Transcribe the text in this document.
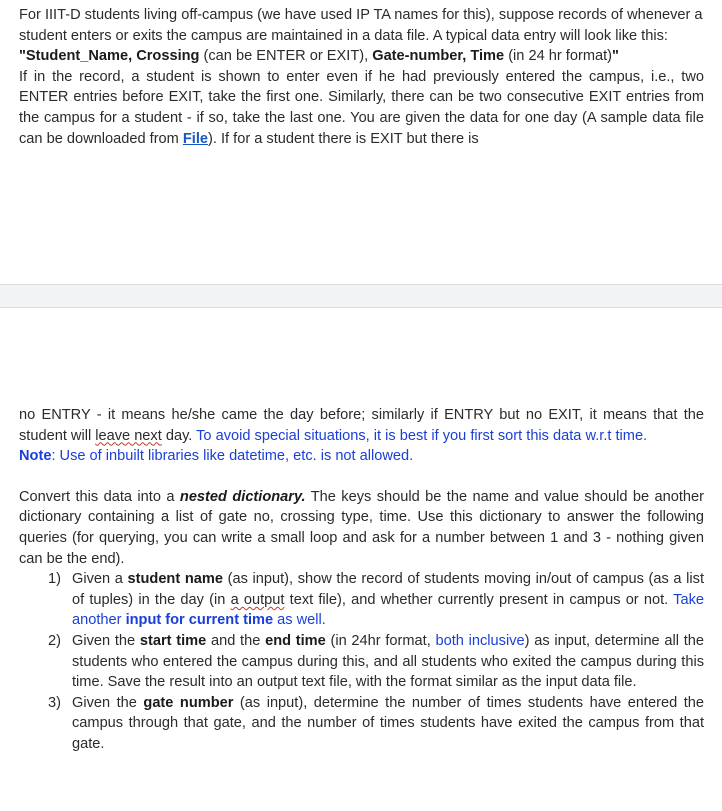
For IIIT-D students living off-campus (we have used IP TA names for this), suppose records of whenever a student enters or exits the campus are maintained in a data file. A typical data entry will look like this: "Student_Name, Crossing (can be ENTER or EXIT), Gate-number, Time (in 24 hr format)"

If in the record, a student is shown to enter even if he had previously entered the campus, i.e., two ENTER entries before EXIT, take the first one. Similarly, there can be two consecutive EXIT entries from the campus for a student - if so, take the last one. You are given the data for one day (A sample data file can be downloaded from File). If for a student there is EXIT but there is

no ENTRY - it means he/she came the day before; similarly if ENTRY but no EXIT, it means that the student will leave next day. To avoid special situations, it is best if you first sort this data w.r.t time.

Note: Use of inbuilt libraries like datetime, etc. is not allowed.

Convert this data into a nested dictionary. The keys should be the name and value should be another dictionary containing a list of gate no, crossing type, time. Use this dictionary to answer the following queries (for querying, you can write a small loop and ask for a number between 1 and 3 - nothing given can be the end).

1) Given a student name (as input), show the record of students moving in/out of campus (as a list of tuples) in the day (in a output text file), and whether currently present in campus or not. Take another input for current time as well.
2) Given the start time and the end time (in 24hr format, both inclusive) as input, determine all the students who entered the campus during this, and all students who exited the campus during this time. Save the result into an output text file, with the format similar as the input data file.
3) Given the gate number (as input), determine the number of times students have entered the campus through that gate, and the number of times students have exited the campus from that gate.
